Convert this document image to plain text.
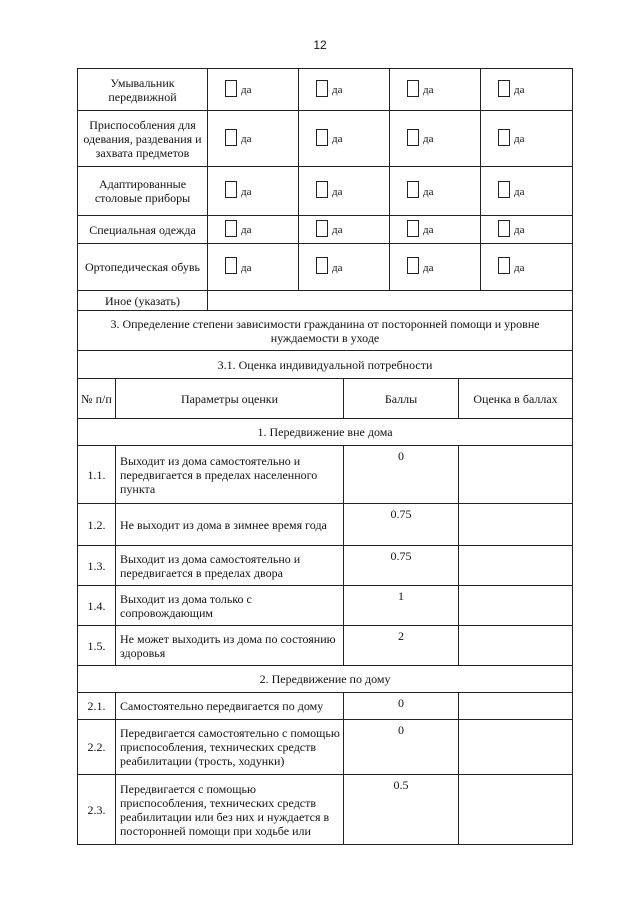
12
Умывальник передвижной	да	да	да	да

Приспособления для одевания, раздевания и захвата предметов	да	да	да	да

Адаптированные столовые приборы	да	да	да	да

Специальная одежда	да	да	да	да

Ортопедическая обувь	да	да	да	да

Иное (указать)				
3. Определение степени зависимости гражданина от посторонней помощи и уровне нуждаемости в уходе			
3.1. Оценка индивидуальной потребности			
№ п/п	Параметры оценки	Баллы	Оценка в баллах
1. Передвижение вне дома			
1.1.	Выходит из дома самостоятельно и передвигается в пределах населенного пункта	0	
1.2.	Не выходит из дома в зимнее время года	0.75	
1.3.	Выходит из дома самостоятельно и передвигается в пределах двора	0.75	
1.4.	Выходит из дома только с сопровождающим	1	
1.5.	Не может выходить из дома по состоянию здоровья	2	
2. Передвижение по дому			
2.1.	Самостоятельно передвигается по дому	0	
2.2.	Передвигается самостоятельно с помощью приспособления, технических средств реабилитации (трость, ходунки)	0	
2.3.	Передвигается с помощью приспособления, технических средств реабилитации или без них и нуждается в посторонней помощи при ходьбе или	0.5	
